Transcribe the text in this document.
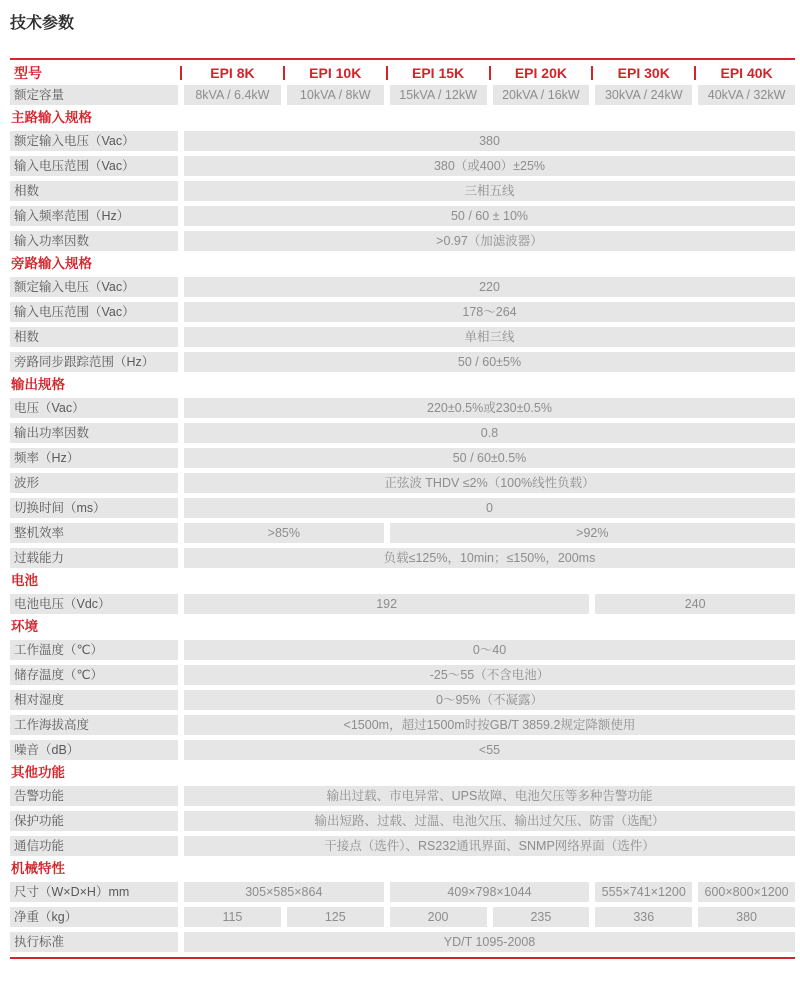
技术参数
型号	EPI 8K	EPI 10K	EPI 15K	EPI 20K	EPI 30K	EPI 40K
额定容量	8kVA / 6.4kW	10kVA / 8kW	15kVA / 12kW	20kVA / 16kW	30kVA / 24kW	40kVA / 32kW
主路输入规格
额定输入电压（Vac）	380
输入电压范围（Vac）	380（或400）±25%
相数	三相五线
输入频率范围（Hz）	50 / 60 ± 10%
输入功率因数	>0.97（加滤波器）
旁路输入规格
额定输入电压（Vac）	220
输入电压范围（Vac）	178～264
相数	单相三线
旁路同步跟踪范围（Hz）	50 / 60±5%
输出规格
电压（Vac）	220±0.5%或230±0.5%
输出功率因数	0.8
频率（Hz）	50 / 60±0.5%
波形	正弦波 THDV ≤2%（100%线性负载）
切换时间（ms）	0
整机效率	>85%	>92%
过载能力	负载≤125%，10min；≤150%，200ms
电池
电池电压（Vdc）	192	240
环境
工作温度（℃）	0～40
储存温度（℃）	-25～55（不含电池）
相对湿度	0～95%（不凝露）
工作海拔高度	<1500m，超过1500m时按GB/T 3859.2规定降额使用
噪音（dB）	<55
其他功能
告警功能	输出过载、市电异常、UPS故障、电池欠压等多种告警功能
保护功能	输出短路、过载、过温、电池欠压、输出过欠压、防雷（选配）
通信功能	干接点（选件）、RS232通讯界面、SNMP网络界面（选件）
机械特性
尺寸（W×D×H）mm	305×585×864	409×798×1044	555×741×1200	600×800×1200
净重（kg）	115	125	200	235	336	380
执行标准	YD/T 1095-2008
